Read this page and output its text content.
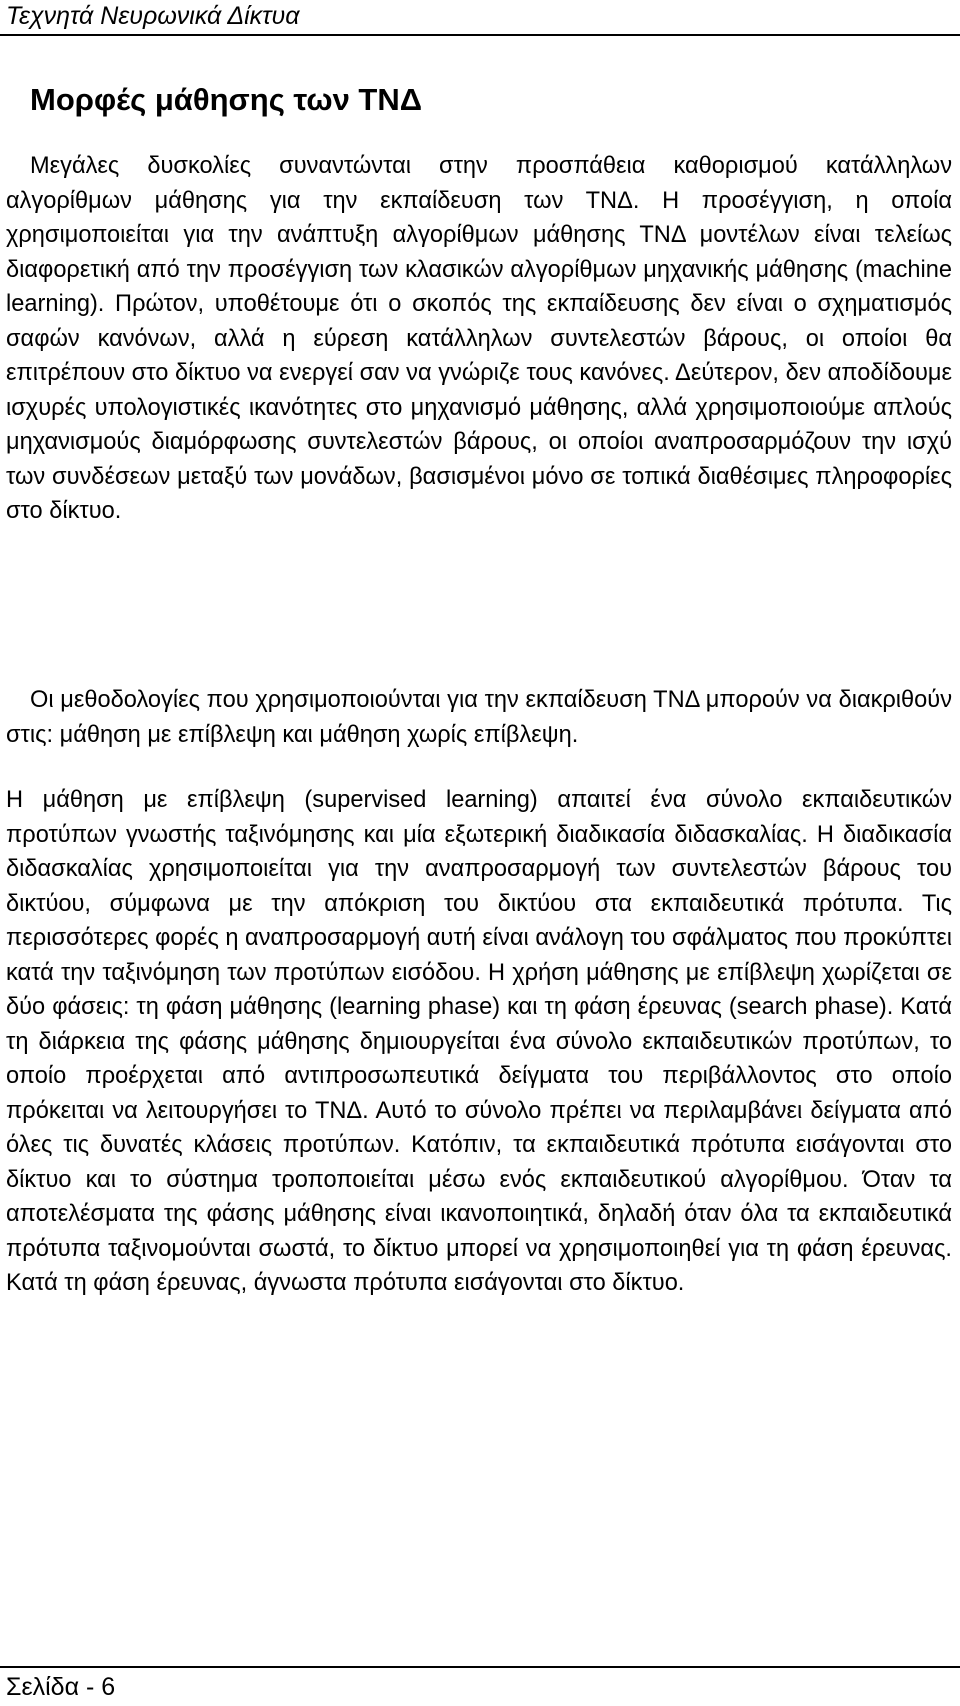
Τεχνητά Νευρωνικά Δίκτυα
Μορφές μάθησης των ΤΝΔ

Μεγάλες δυσκολίες συναντώνται στην προσπάθεια καθορισμού κατάλληλων αλγορίθμων μάθησης για την εκπαίδευση των ΤΝΔ. Η προσέγγιση, η οποία χρησιμοποιείται για την ανάπτυξη αλγορίθμων μάθησης ΤΝΔ μοντέλων είναι τελείως διαφορετική από την προσέγγιση των κλασικών αλγορίθμων μηχανικής μάθησης (machine learning). Πρώτον, υποθέτουμε ότι ο σκοπός της εκπαίδευσης δεν είναι ο σχηματισμός σαφών κανόνων, αλλά η εύρεση κατάλληλων συντελεστών βάρους, οι οποίοι θα επιτρέπουν στο δίκτυο να ενεργεί σαν να γνώριζε τους κανόνες. Δεύτερον, δεν αποδίδουμε ισχυρές υπολογιστικές ικανότητες στο μηχανισμό μάθησης, αλλά χρησιμοποιούμε απλούς μηχανισμούς διαμόρφωσης συντελεστών βάρους, οι οποίοι αναπροσαρμόζουν την ισχύ των συνδέσεων μεταξύ των μονάδων, βασισμένοι μόνο σε τοπικά διαθέσιμες πληροφορίες στο δίκτυο.

Οι μεθοδολογίες που χρησιμοποιούνται για την εκπαίδευση ΤΝΔ μπορούν να διακριθούν στις: μάθηση με επίβλεψη και μάθηση χωρίς επίβλεψη.

Η μάθηση με επίβλεψη (supervised learning) απαιτεί ένα σύνολο εκπαιδευτικών προτύπων γνωστής ταξινόμησης και μία εξωτερική διαδικασία διδασκαλίας. Η διαδικασία διδασκαλίας χρησιμοποιείται για την αναπροσαρμογή των συντελεστών βάρους του δικτύου, σύμφωνα με την απόκριση του δικτύου στα εκπαιδευτικά πρότυπα. Τις περισσότερες φορές η αναπροσαρμογή αυτή είναι ανάλογη του σφάλματος που προκύπτει κατά την ταξινόμηση των προτύπων εισόδου. Η χρήση μάθησης με επίβλεψη χωρίζεται σε δύο φάσεις: τη φάση μάθησης (learning phase) και τη φάση έρευνας (search phase). Κατά τη διάρκεια της φάσης μάθησης δημιουργείται ένα σύνολο εκπαιδευτικών προτύπων, το οποίο προέρχεται από αντιπροσωπευτικά δείγματα του περιβάλλοντος στο οποίο πρόκειται να λειτουργήσει το ΤΝΔ. Αυτό το σύνολο πρέπει να περιλαμβάνει δείγματα από όλες τις δυνατές κλάσεις προτύπων. Κατόπιν, τα εκπαιδευτικά πρότυπα εισάγονται στο δίκτυο και το σύστημα τροποποιείται μέσω ενός εκπαιδευτικού αλγορίθμου. Όταν τα αποτελέσματα της φάσης μάθησης είναι ικανοποιητικά, δηλαδή όταν όλα τα εκπαιδευτικά πρότυπα ταξινομούνται σωστά, το δίκτυο μπορεί να χρησιμοποιηθεί για τη φάση έρευνας. Κατά τη φάση έρευνας, άγνωστα πρότυπα εισάγονται στο δίκτυο.

Σελίδα - 6
